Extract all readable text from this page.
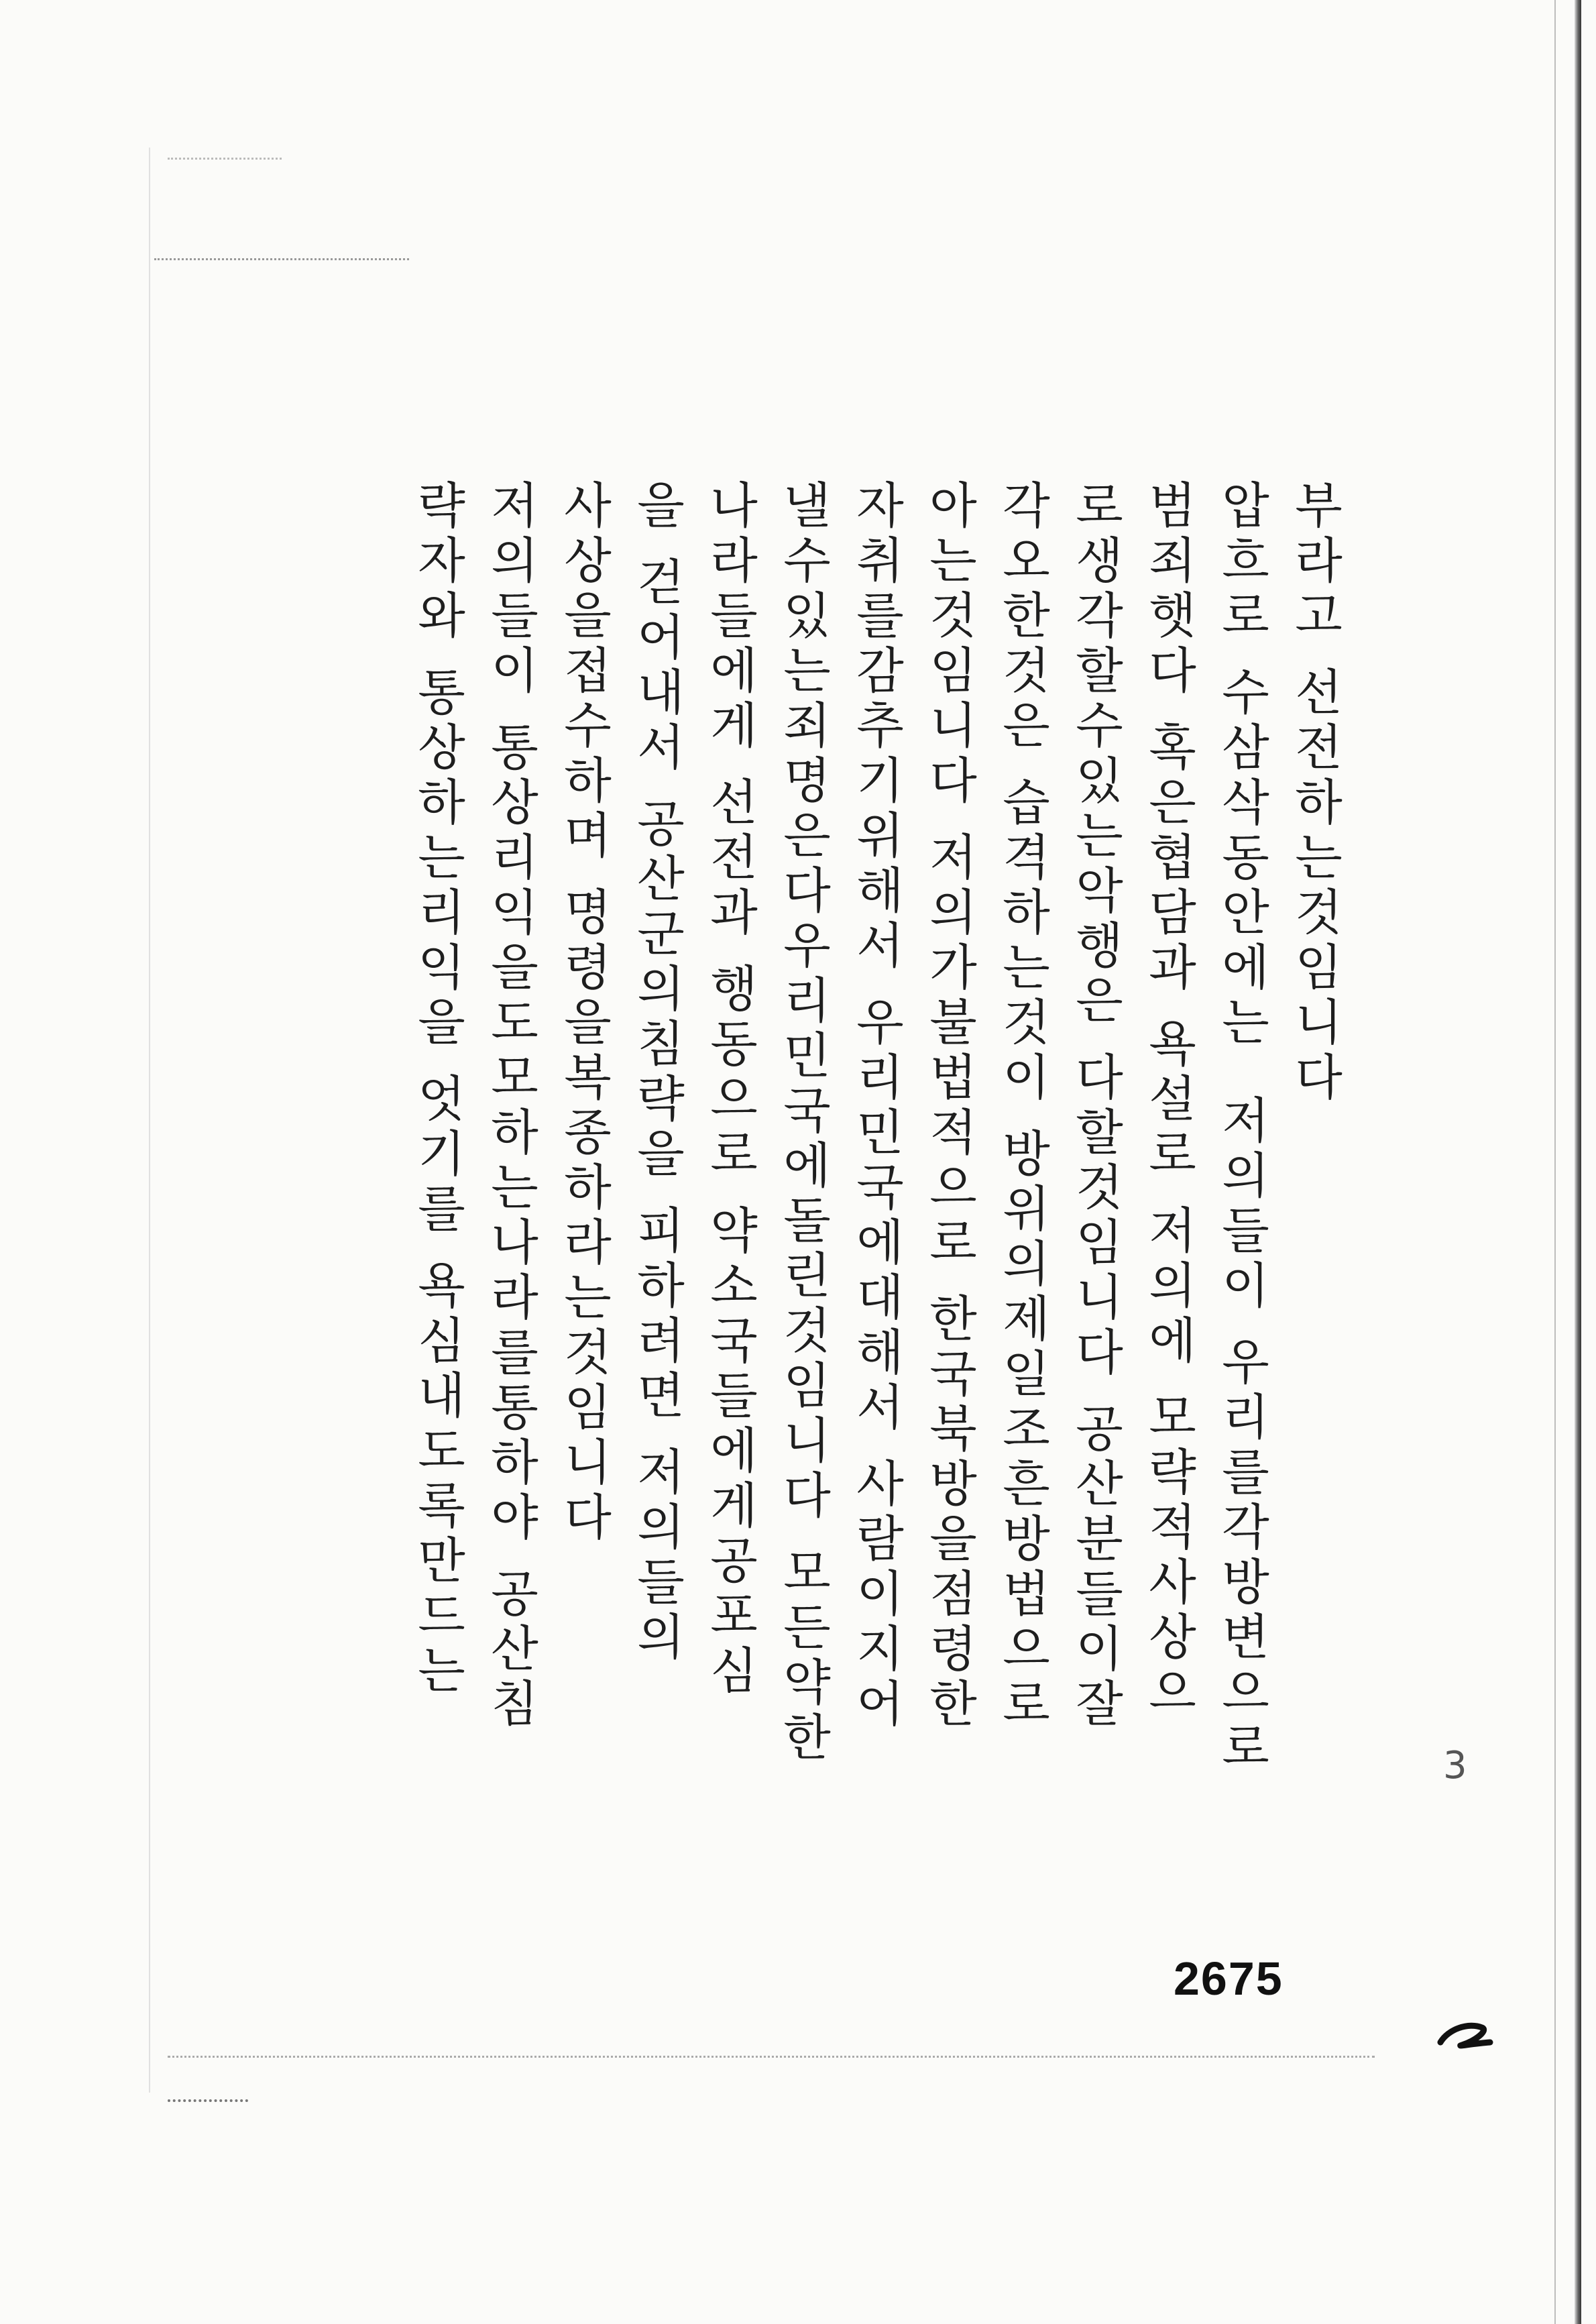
부라고 선전하는것임니다
압흐로 수삼삭동안에는  저의들이 우리를각방변으로
범죄햇다 혹은협담과 욕설로 저의에 모략적사상으
로생각할수있는악행은 다할것임니다 공산분들이잘
각오한것은 습격하는것이 방위의제일조흔방법으로
아는것임니다 저의가불법적으로 한국북방을점령한
자취를감추기위해서 우리민국에대해서 사람이지어
낼수있는죄명은다우리민국에돌린것임니다 모든약한
나라들에게 선전과 행동으로 약소국들에게공포심
을 걷어내서 공산군의침략을 피하려면 저의들의
사상을접수하며 명령을복종하라는것임니다
저의들이 통상리익을도모하는나라를통하야 공산침
략자와 통상하는리익을 엇기를 욕심내도록만드는
3
2675
